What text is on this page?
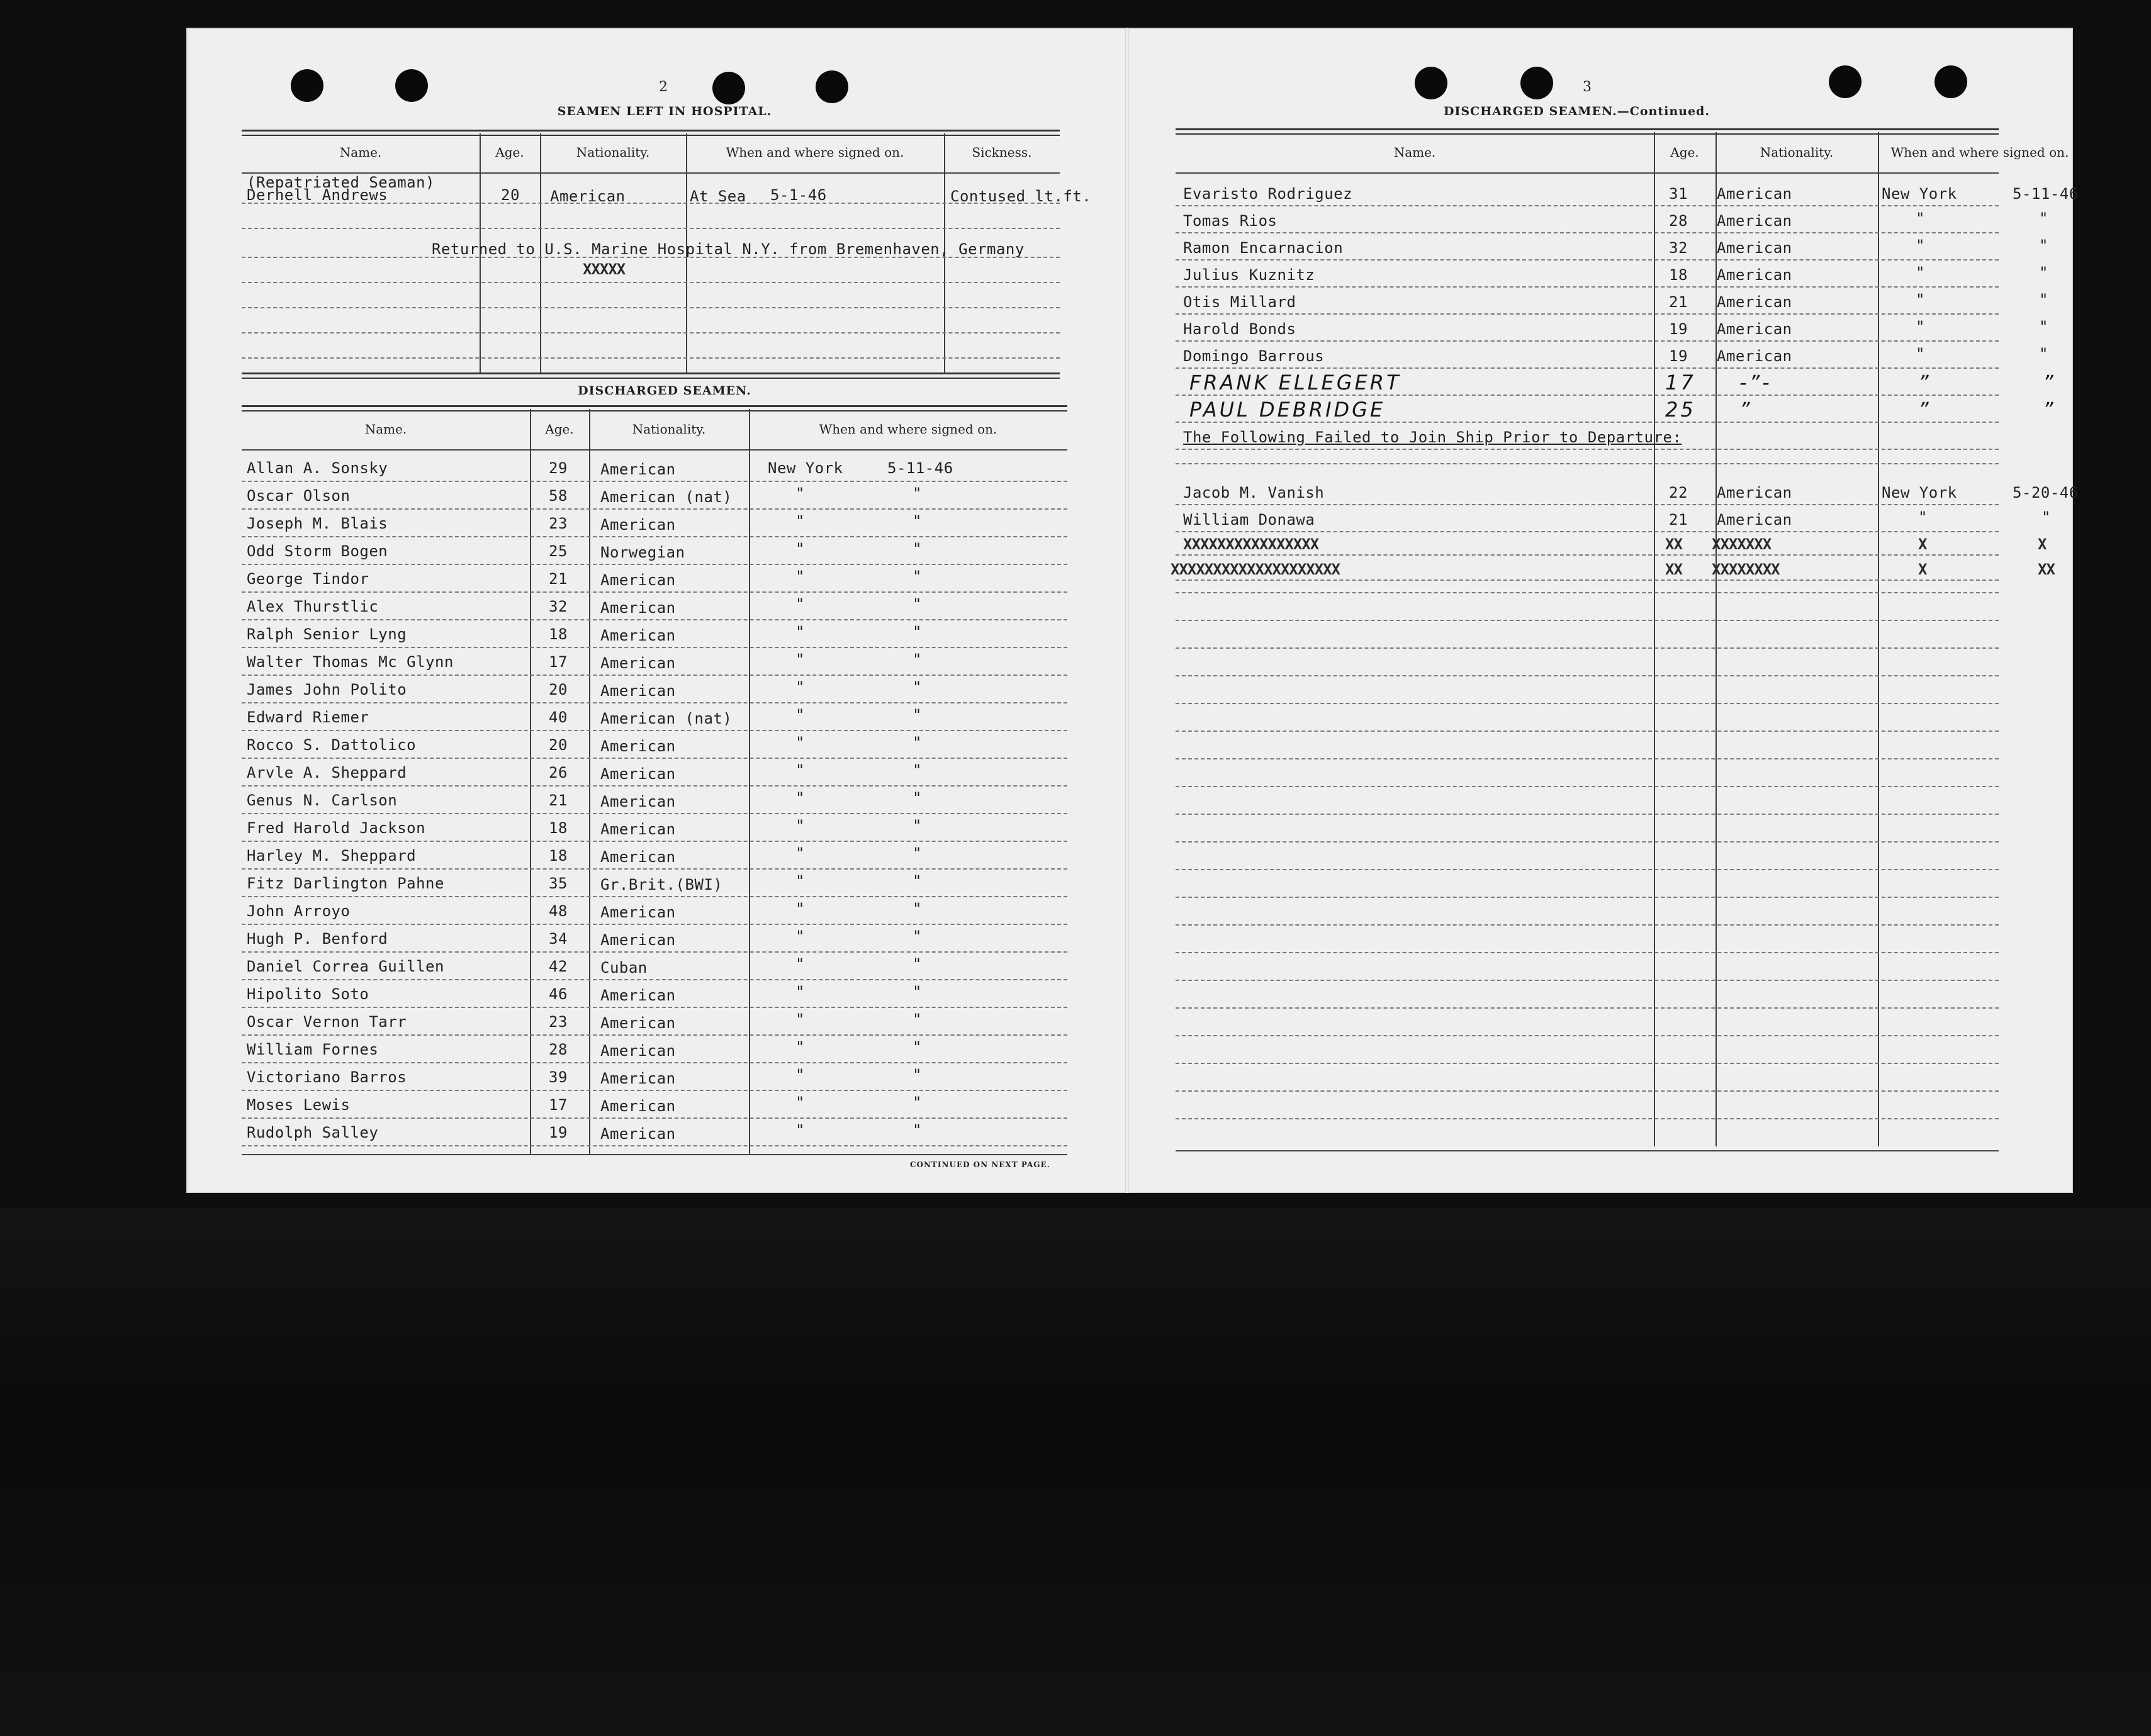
2
SEAMEN LEFT IN HOSPITAL.
Name.	Age.	Nationality.	When and where signed on.	Sickness.
(Repatriated Seaman)
Derhell Andrews	20 American	At Sea 5-1-46	Contused lt.ft.
Returned to U.S. Marine Hospital N.Y. from Bremenhaven, Germany
XXXXX
DISCHARGED SEAMEN.
Name.	Age.	Nationality.	When and where signed on.
Allan A. Sonsky	29 American	New York	5-11-46
Oscar Olson	58 American (nat)	"	"
Joseph M. Blais	23 American	"	"
Odd Storm Bogen	25 Norwegian	"	"
George Tindor	21 American	"	"
Alex Thurstlic	32 American	"	"
Ralph Senior Lyng	18 American	"	"
Walter Thomas Mc Glynn	17 American	"	"
James John Polito	20 American	"	"
Edward Riemer	40 American (nat)	"	"
Rocco S. Dattolico	20 American	"	"
Arvle A. Sheppard	26 American	"	"
Genus N. Carlson	21 American	"	"
Fred Harold Jackson	18 American	"	"
Harley M. Sheppard	18 American	"	"
Fitz Darlington Pahne	35 Gr.Brit.(BWI)	"	"
John Arroyo	48 American	"	"
Hugh P. Benford	34 American	"	"
Daniel Correa Guillen	42 Cuban	"	"
Hipolito Soto	46 American	"	"
Oscar Vernon Tarr	23 American	"	"
William Fornes	28 American	"	"
Victoriano Barros	39 American	"	"
Moses Lewis	17 American	"	"
Rudolph Salley	19 American	"	"
CONTINUED ON NEXT PAGE.
3
DISCHARGED SEAMEN.—Continued.
Name.	Age.	Nationality.	When and where signed on.
Evaristo Rodriguez	31 American	New York	5-11-46
Tomas Rios	28 American	"	"
Ramon Encarnacion	32 American	"	"
Julius Kuznitz	18 American	"	"
Otis Millard	21 American	"	"
Harold Bonds	19 American	"	"
Domingo Barrous	19 American	"	"
FRANK ELLEGERT	17 -”-	”	”
PAUL DEBRIDGE	25 ”	”	”
The Following Failed to Join Ship Prior to Departure:
Jacob M. Vanish	22 American	New York	5-20-46
William Donawa	21 American	"	"
XXXXXXXXXXXXXXXX	XX XXXXXXX	X	X
XXXXXXXXXXXXXXXXXXXX	XX XXXXXXXX	X	XX
